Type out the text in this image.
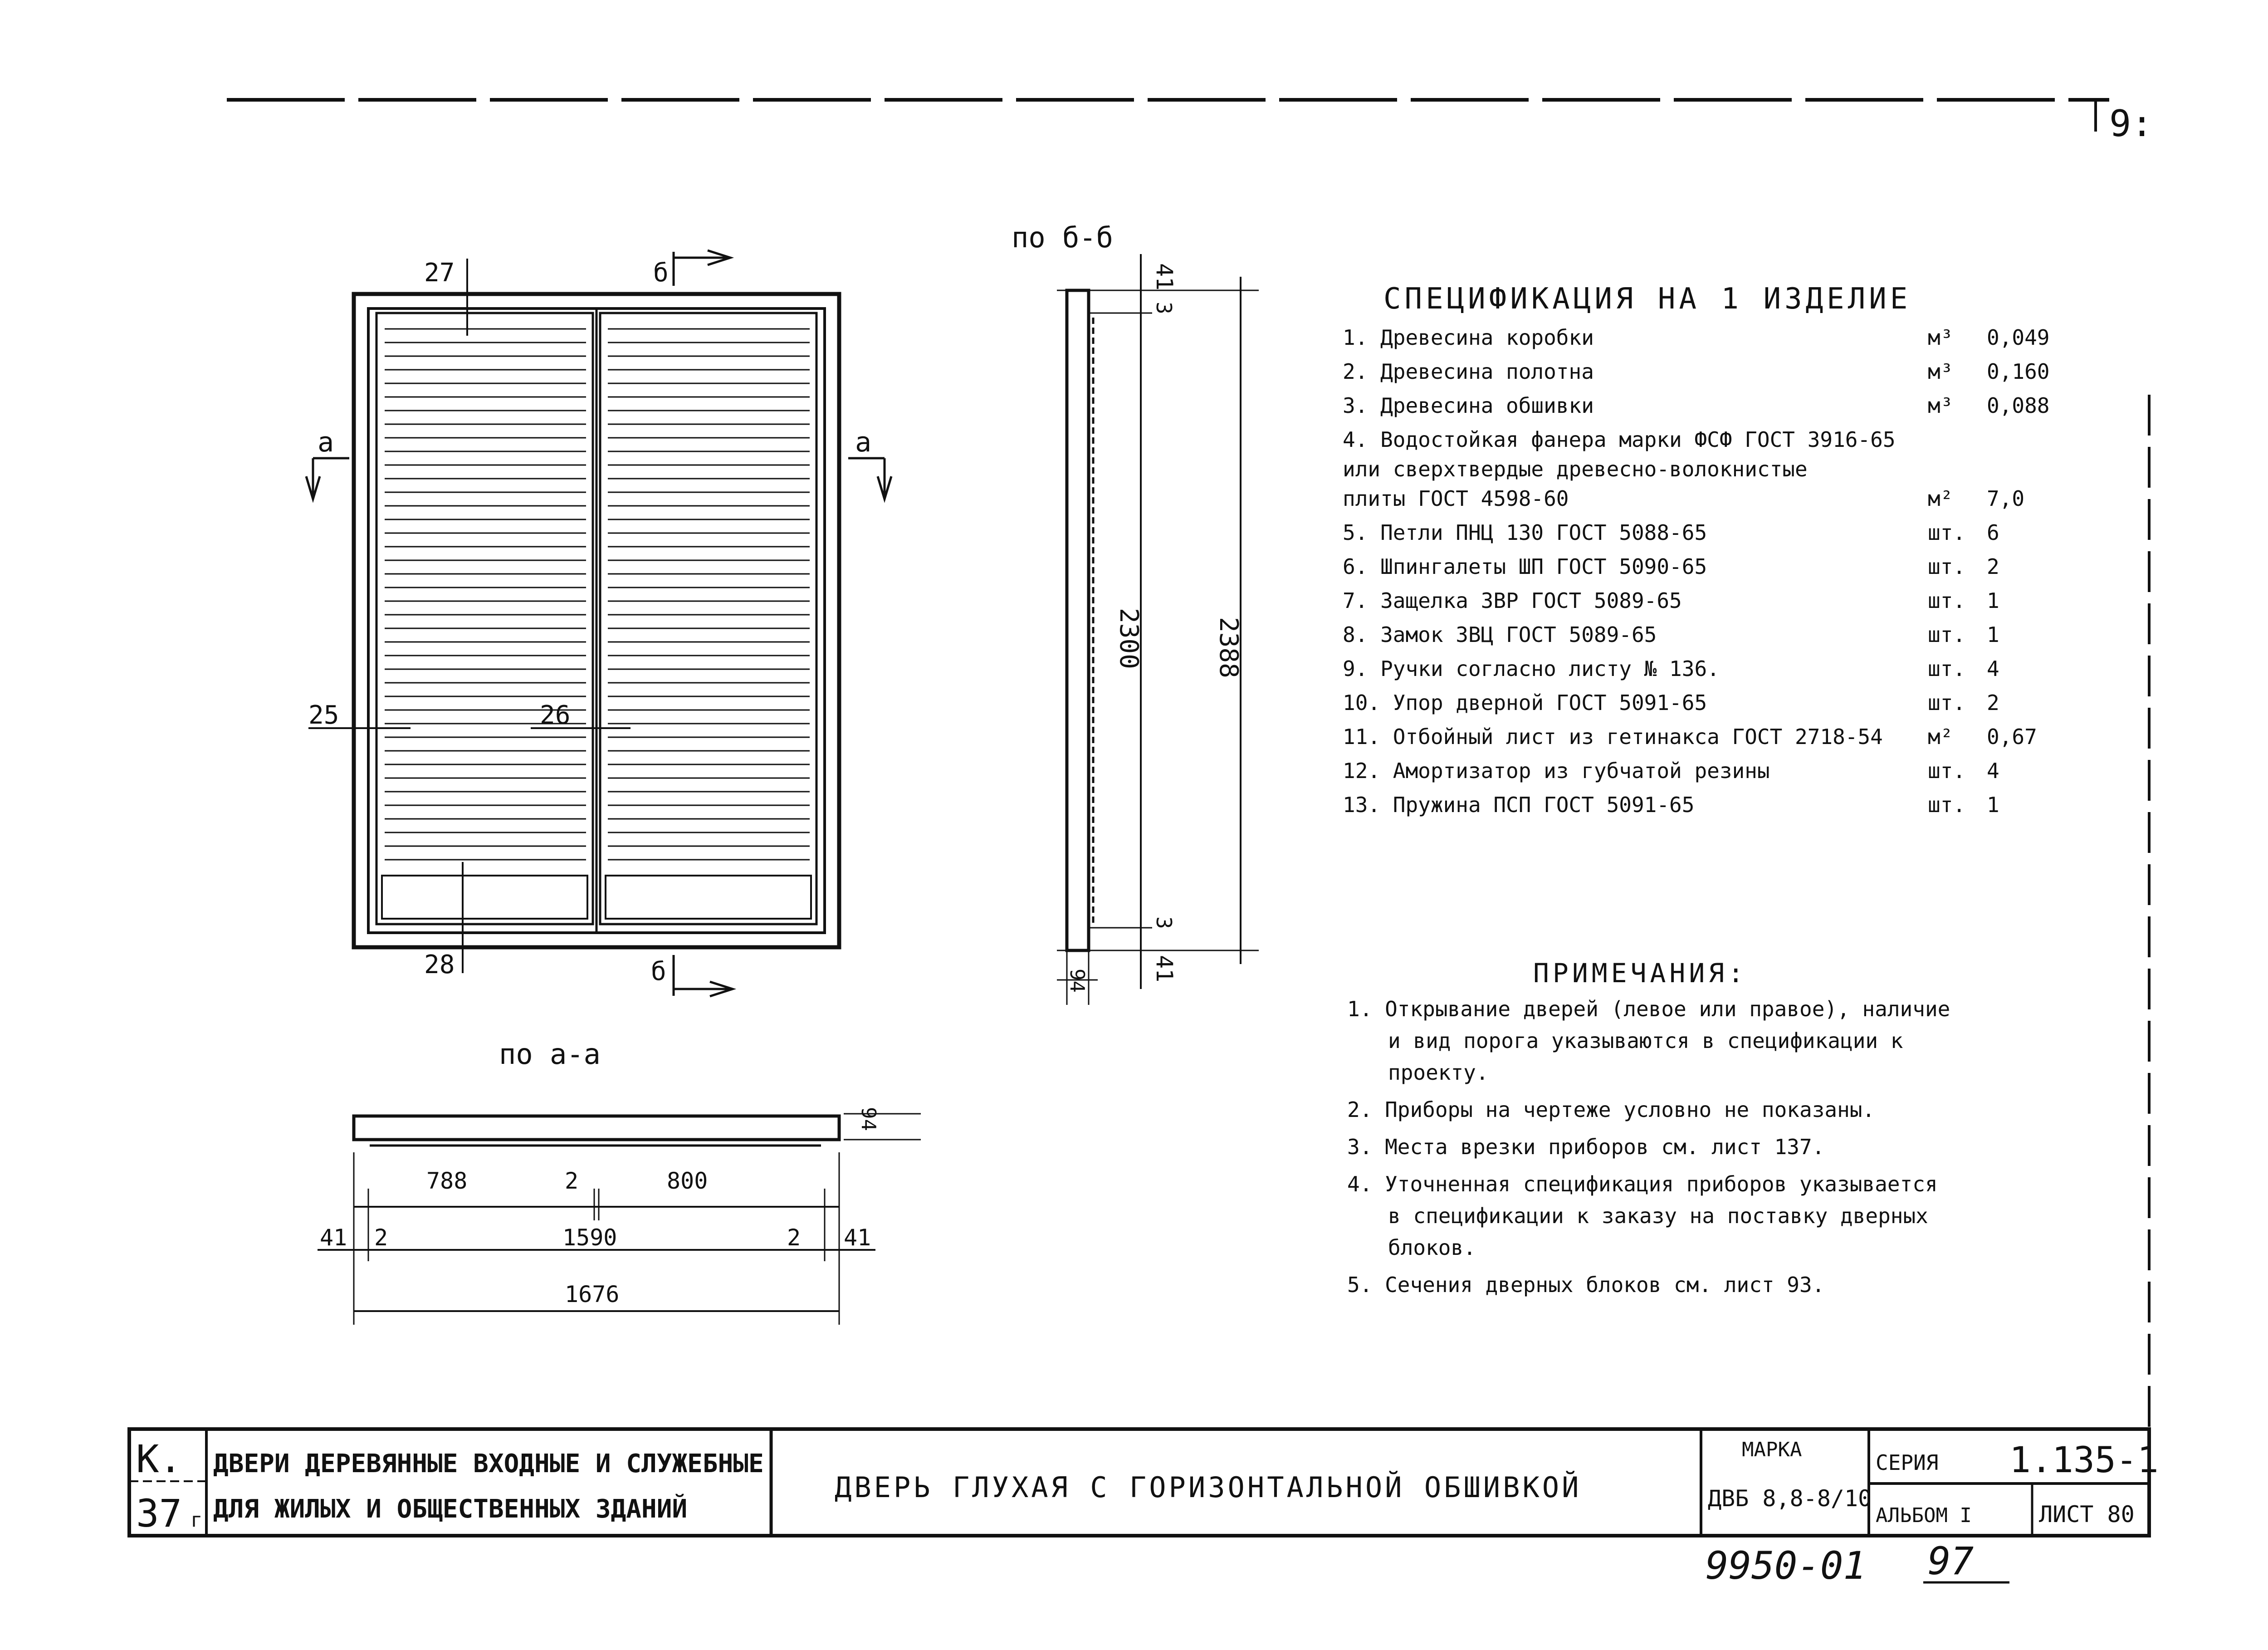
9:
27
25	26
28
б
б
а	а
по б-б
41
3
2300	2388
3
41
94
по а-а
94
788	2	800
41 2	1590	2 41
1676
СПЕЦИФИКАЦИЯ НА 1 ИЗДЕЛИЕ
1. Древесина коробки	м³ 0,049
2. Древесина полотна	м³ 0,160
3. Древесина обшивки	м³ 0,088
4. Водостойкая фанера марки ФСФ ГОСТ 3916-65
или сверхтвердые древесно-волокнистые
плиты ГОСТ 4598-60	м² 7,0
5. Петли ПНЦ 130 ГОСТ 5088-65	шт. 6
6. Шпингалеты ШП ГОСТ 5090-65	шт. 2
7. Защелка ЗВР ГОСТ 5089-65	шт. 1
8. Замок ЗВЦ ГОСТ 5089-65	шт. 1
9. Ручки согласно листу № 136.	шт. 4
10. Упор дверной ГОСТ 5091-65	шт. 2
11. Отбойный лист из гетинакса ГОСТ 2718-54 м² 0,67
12. Амортизатор из губчатой резины	шт. 4
13. Пружина ПСП ГОСТ 5091-65	шт. 1
ПРИМЕЧАНИЯ:
1. Открывание дверей (левое или правое), наличие
и вид порога указываются в спецификации к
проекту.
2. Приборы на чертеже условно не показаны.
3. Места врезки приборов см. лист 137.
4. Уточненная спецификация приборов указывается
в спецификации к заказу на поставку дверных
блоков.
5. Сечения дверных блоков см. лист 93.
К.
37 г
ДВЕРИ ДЕРЕВЯННЫЕ ВХОДНЫЕ И СЛУЖЕБНЫЕ
ДЛЯ ЖИЛЫХ И ОБЩЕСТВЕННЫХ ЗДАНИЙ
ДВЕРЬ ГЛУХАЯ С ГОРИЗОНТАЛЬНОЙ ОБШИВКОЙ
МАРКА
ДВБ 8,8-8/10
СЕРИЯ 1.135-1
АЛЬБОМ I	ЛИСТ 80
9950-01 97
